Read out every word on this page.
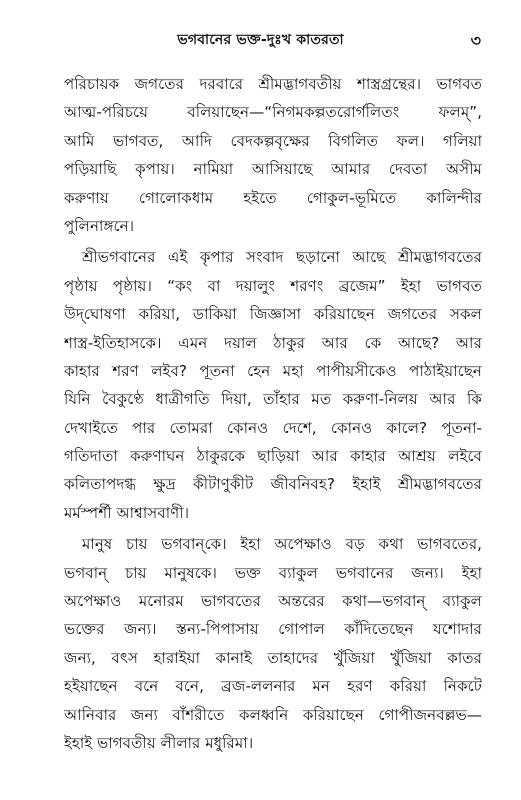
ভগবানের ভক্ত-দুঃখ কাতরতা	৩
পরিচায়ক জগতের দরবারে শ্রীমদ্ভাগবতীয় শাস্ত্রগ্রন্থের। ভাগবত
আত্ম-পরিচয়ে বলিয়াছেন—“নিগমকল্পতরোর্গলিতং ফলম্”,
আমি ভাগবত, আদি বেদকল্পবৃক্ষের বিগলিত ফল। গলিয়া
পড়িয়াছি কৃপায়। নামিয়া আসিয়াছে আমার দেবতা অসীম
করুণায় গোলোকধাম হইতে গোকুল-ভূমিতে কালিন্দীর
পুলিনাঙ্গনে।
শ্রীভগবানের এই কৃপার সংবাদ ছড়ানো আছে শ্রীমদ্ভাগবতের
পৃষ্ঠায় পৃষ্ঠায়। “কং বা দয়ালুং শরণং ব্রজেম” ইহা ভাগবত
উদ্‌ঘোষণা করিয়া, ডাকিয়া জিজ্ঞাসা করিয়াছেন জগতের সকল
শাস্ত্র-ইতিহাসকে। এমন দয়াল ঠাকুর আর কে আছে? আর
কাহার শরণ লইব? পূতনা হেন মহা পাপীয়সীকেও পাঠাইয়াছেন
যিনি বৈকুণ্ঠে ধাত্রীগতি দিয়া, তাঁহার মত করুণা-নিলয় আর কি
দেখাইতে পার তোমরা কোনও দেশে, কোনও কালে? পূতনা-
গতিদাতা করুণাঘন ঠাকুরকে ছাড়িয়া আর কাহার আশ্রয় লইবে
কলিতাপদগ্ধ ক্ষুদ্র কীটাণুকীট জীবনিবহ? ইহাই শ্রীমদ্ভাগবতের
মর্মস্পর্শী আশ্বাসবাণী।
মানুষ চায় ভগবান্‌কে। ইহা অপেক্ষাও বড় কথা ভাগবতের,
ভগবান্ চায় মানুষকে। ভক্ত ব্যাকুল ভগবানের জন্য। ইহা
অপেক্ষাও মনোরম ভাগবতের অন্তরের কথা—ভগবান্ ব্যাকুল
ভক্তের জন্য। স্তন্য-পিপাসায় গোপাল কাঁদিতেছেন যশোদার
জন্য, বৎস হারাইয়া কানাই তাহাদের খুঁজিয়া খুঁজিয়া কাতর
হইয়াছেন বনে বনে, ব্রজ-ললনার মন হরণ করিয়া নিকটে
আনিবার জন্য বাঁশরীতে কলধ্বনি করিয়াছেন গোপীজনবল্লভ—
ইহাই ভাগবতীয় লীলার মধুরিমা।
